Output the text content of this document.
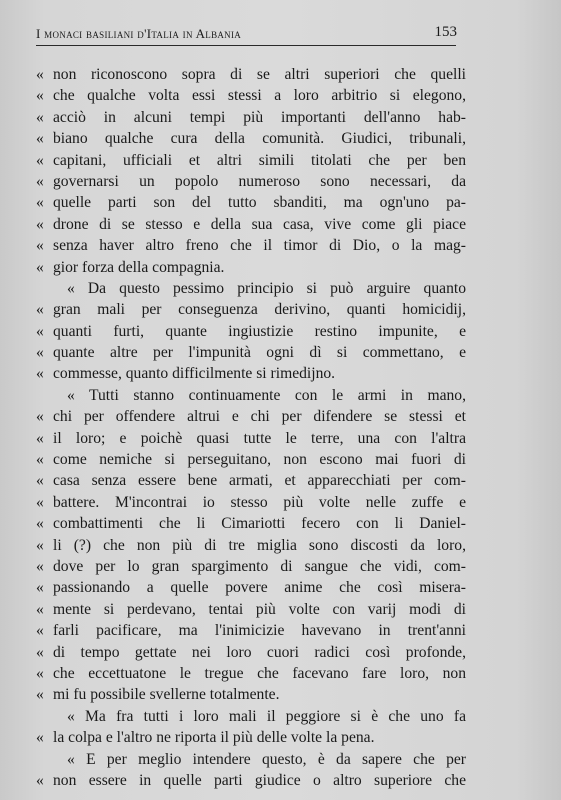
I monaci basiliani d'Italia in Albania	153
« non riconoscono sopra di se altri superiori che quelli
« che qualche volta essi stessi a loro arbitrio si elegono,
« acciò in alcuni tempi più importanti dell'anno hab-
« biano qualche cura della comunità. Giudici, tribunali,
« capitani, ufficiali et altri simili titolati che per ben
« governarsi un popolo numeroso sono necessari, da
« quelle parti son del tutto sbanditi, ma ogn'uno pa-
« drone di se stesso e della sua casa, vive come gli piace
« senza haver altro freno che il timor di Dio, o la mag-
« gior forza della compagnia.
« Da questo pessimo principio si può arguire quanto
« gran mali per conseguenza derivino, quanti homicidij,
« quanti furti, quante ingiustizie restino impunite, e
« quante altre per l'impunità ogni dì si commettano, e
« commesse, quanto difficilmente si rimedijno.
« Tutti stanno continuamente con le armi in mano,
« chi per offendere altrui e chi per difendere se stessi et
« il loro; e poichè quasi tutte le terre, una con l'altra
« come nemiche si perseguitano, non escono mai fuori di
« casa senza essere bene armati, et apparecchiati per com-
« battere. M'incontrai io stesso più volte nelle zuffe e
« combattimenti che li Cimariotti fecero con li Daniel-
« li (?) che non più di tre miglia sono discosti da loro,
« dove per lo gran spargimento di sangue che vidi, com-
« passionando a quelle povere anime che così misera-
« mente si perdevano, tentai più volte con varij modi di
« farli pacificare, ma l'inimicizie havevano in trent'anni
« di tempo gettate nei loro cuori radici così profonde,
« che eccettuatone le tregue che facevano fare loro, non
« mi fu possibile svellerne totalmente.
« Ma fra tutti i loro mali il peggiore si è che uno fa
« la colpa e l'altro ne riporta il più delle volte la pena.
« E per meglio intendere questo, è da sapere che per
« non essere in quelle parti giudice o altro superiore che
